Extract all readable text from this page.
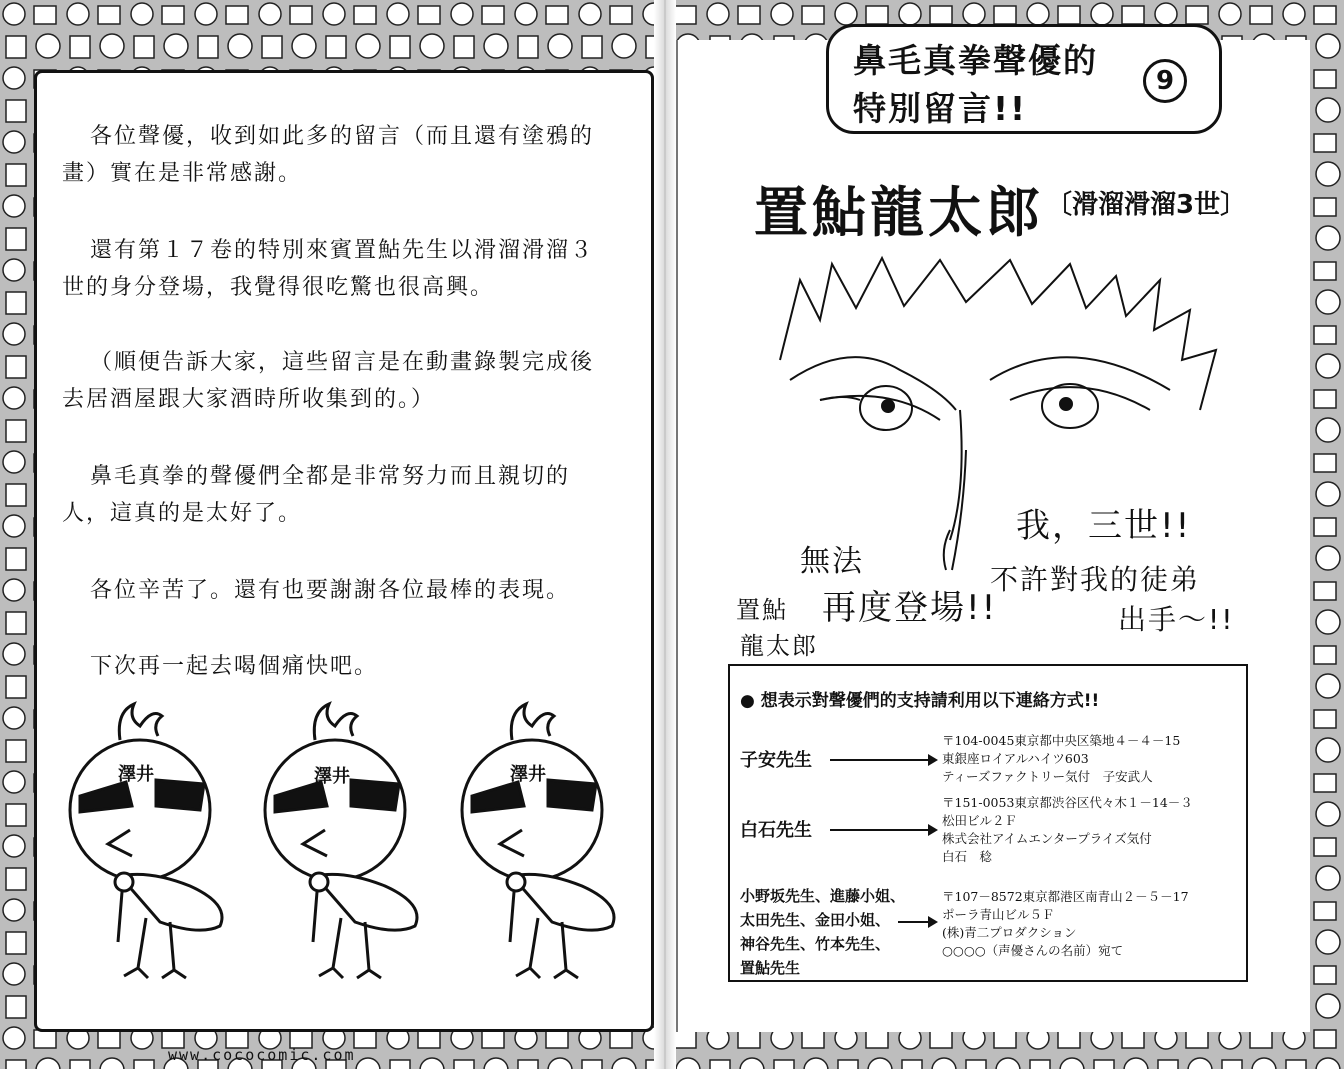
各位聲優，收到如此多的留言（而且還有塗鴉的
畫）實在是非常感謝。
還有第１７卷的特別來賓置鮎先生以滑溜滑溜３
世的身分登場，我覺得很吃驚也很高興。
（順便告訴大家，這些留言是在動畫錄製完成後
去居酒屋跟大家酒時所收集到的。）
鼻毛真拳的聲優們全都是非常努力而且親切的
人，這真的是太好了。
各位辛苦了。還有也要謝謝各位最棒的表現。
下次再一起去喝個痛快吧。
澤井	澤井	澤井
鼻毛真拳聲優的
特別留言!!
9
置鮎龍太郎 〔滑溜滑溜3世〕
我，三世!!
無法
再度登場!!
置鮎
龍太郎
不許對我的徒弟
出手～!!
● 想表示對聲優們的支持請利用以下連絡方式!!
子安先生
〒104-0045東京都中央区築地４－４－15
東銀座ロイアルハイツ603
ティーズファクトリー気付　子安武人
白石先生
〒151-0053東京都渋谷区代々木１－14－３
松田ビル２Ｆ
株式会社アイムエンタープライズ気付
白石　稔
小野坂先生、進藤小姐、
太田先生、金田小姐、
神谷先生、竹本先生、
置鮎先生
〒107－8572東京都港区南青山２－５－17
ポーラ青山ビル５Ｆ
(株)青二プロダクション
○○○○（声優さんの名前）宛て
www.cococomic.com
